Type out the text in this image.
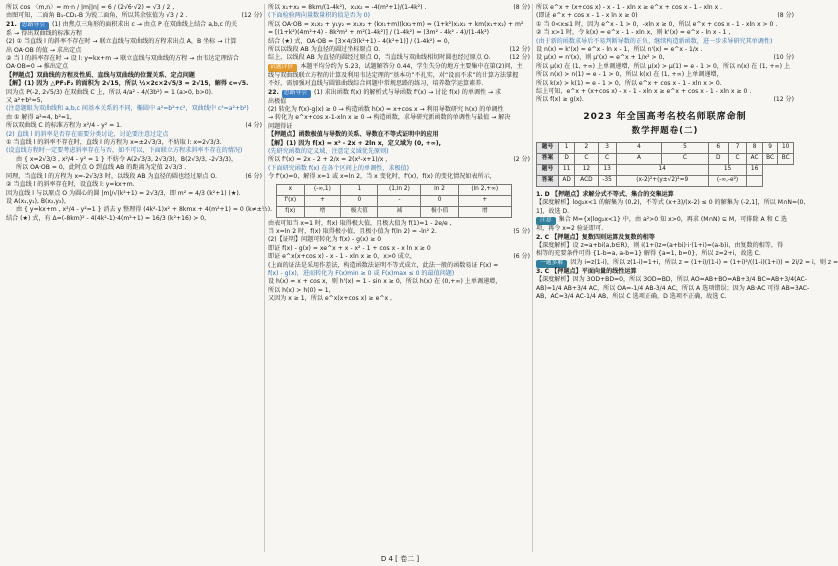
所以 cos 〈m,n〉= m·n / |m||n| = 6 / (2√6·√2) = √3 / 2 ,
(12 分)
由图可知，二面角 B₁-CD₁-B 为锐二面角，所以其余弦值为 √3 / 2 .
21. 思路导引 (1) 由焦点三角形的面积求出 c → 由点 P 在双曲线上结合 a,b,c 的关
系 → 得出双曲线的标准方程
(2) ① 当直线 l 的斜率不存在时 → 联立直线与双曲线的方程求出点 A，B 坐标 → 计算
出 OA·OB 的值 → 求出定点
② 当 l 的斜率存在时 → 设 l: y=kx+m → 联立直线与双曲线的方程 → 由韦达定理结合
OA·OB=0 → 推出定点
【押题点】双曲线的方程及性质、直线与双曲线的位置关系、定点问题
【解】(1) 因为 △PF₁F₂ 的面积为 2√15，所以 ½×2c×2√5/3 = 2√15，解得 c=√5.
因为点 P(-2, 2√5/3) 在双曲线 C 上，所以 4/a² - 4/(3b²) = 1 (a>0, b>0).
又 a²+b²=5,
(注意题眼为双曲线和 a,b,c 间基本关系的不同，椭圆中 a²=b²+c²，双曲线中 c²=a²+b²)
由 ① 解得 a²=4, b²=1,
(4 分)
所以双曲线 C 的标准方程为 x²/4 - y² = 1.
(2) 直线 l 的斜率是否存在需要分类讨论，讨论要注意过定点
① 当直线 l 的斜率不存在时，直线 l 的方程为 x=±2√3/3，不妨取 l: x=2√3/3.
(设直线方程时一定要考虑斜率存在与否，如不可以，下面联立方程求斜率不存在的情况)
由 { x=2√3/3 , x²/4 - y² = 1 } 不妨令 A(2√3/3, 2√3/3)，B(2√3/3, -2√3/3)，
所以 OA·OB = 0，此时点 O 到直线 AB 的距离为定值 2√3/3 .
(6 分)
同理，当直线 l 的方程为 x=-2√3/3 时，以线段 AB 为直径的圆也经过原点 O.
② 当直线 l 的斜率存在时，设直线 l: y=kx+m.
因为直线 l 与以原点 O 为圆心的圆 |m|/√(k²+1) = 2√3/3，即 m² = 4/3 (k²+1) (★).
设 A(x₁,y₁), B(x₂,y₂)，
由 { y=kx+m , x²/4 - y²=1 } 消去 y 整理得 (4k²-1)x² + 8kmx + 4(m²+1) = 0 (k≠±½).
结合 (★) 式，有 Δ=(-8km)² - 4(4k²-1)·4(m²+1) = 16/3 (k²+16) > 0,
(8 分)
所以 x₁+x₂ = 8km/(1-4k²)，x₁x₂ = -4(m²+1)/(1-4k²) .
(下面检验两向量数量积的值是否为 0)
所以 OA·OB = x₁x₂ + y₁y₂ = x₁x₂ + (kx₁+m)(kx₂+m) = (1+k²)x₁x₂ + km(x₁+x₂) + m²
= [(1+k²)(4m²+4) - 8k²m² + m²(1-4k²)] / (1-4k²) = (3m² - 4k² - 4)/(1-4k²)
结合 (★) 式，OA·OB = [3×4/3(k²+1) - 4(k²+1)] / (1-4k²) = 0，
(12 分)
所以以线段 AB 为直径的圆过坐标原点 O.
(12 分)
综上，以线段 AB 为直径的圆经过原点 O，当直线与双曲线相切时圆也经过原点 O.
试题评价 本题平均分约为 5.23，试题解答分 0.44，学生失分的地方主要集中在第(2)问，主
线与双曲线联立方程的计算及利用韦达定理的“基本功”不扎实，对“设而不求”的计算方法掌握
不好，需加强对直线与圆锥曲线综合问题中常规思路的练习，培养数学运算素养.
22. 思路导引 (1) 求出函数 f(x) 的解析式与导函数 f'(x) → 讨论 f(x) 的单调性 → 求
出极值
(2) 转化为 f(x)-g(x) ≥ 0 → 构造函数 h(x) = x+cos x → 利用导数研究 h(x) 的单调性
→ 转化为 e^x+cos x-1-xln x ≥ 0 → 构造函数，求导研究新函数的单调性与最值 → 解决
问题得证
【押题点】函数极值与导数的关系、导数在不等式证明中的应用
【解】(1) 因为 f(x) = x² - 2x + 2ln x，定义域为 (0, +∞),
(先研究函数的定义域，注意定义域优先原则)
(2 分)
所以 f'(x) = 2x - 2 + 2/x = 2(x²-x+1)/x ，
(下面研究函数 f(x) 在各个区间上的单调性，求极值)
令 f'(x)=0，解得 x=1 或 x=ln 2，当 x 变化时，f'(x)，f(x) 的变化情况如表所示，
x	(-∞,1)	1	(1,ln 2)	ln 2	(ln 2,+∞)
f'(x)	+	0	-	0	+
f(x)	增	极大值	减	极小值	增
由表可知当 x=1 时，f(x) 取得极大值，且极大值为 f(1)=1 - 2e/e ,
(5 分)
当 x=ln 2 时，f(x) 取得极小值，且极小值为 f(ln 2) = -ln² 2.
(2)【证明】问题可转化为 f(x) - g(x) ≥ 0
即证 f(x) - g(x) = xe^x + x - x² - 1 + cos x - x ln x ≥ 0
(6 分)
即证 e^x(x+cos x) - x - 1 - xln x ≥ 0，x>0 成立，
(上面的证法是采用作差法，构造函数法证明不等式成立，此法一般的函数易证 F(x) =
f(x) - g(x)，进而转化为 F(x)min ≥ 0 或 F(x)max ≤ 0 的最值问题)
设 h(x) = x + cos x，则 h'(x) = 1 - sin x ≥ 0，所以 h(x) 在 (0,+∞) 上单调递增，
所以 h(x) > h(0) = 1，
又因为 x ≥ 1，所以 e^x(x+cos x) ≥ e^x ,
所以 e^x + (x+cos x) - x - 1 - xln x ≥ e^x + cos x - 1 - xln x .
(8 分)
(即证 e^x + cos x - 1 - x ln x ≥ 0)
① 当 0<x≤1 时，因为 e^x - 1 > 0，-xln x ≥ 0，所以 e^x + cos x - 1 - xln x > 0 .
② 当 x>1 时，令 k(x) = e^x - 1 - xln x，则 k'(x) = e^x - ln x - 1 ,
(由于新的函数求导后不易判断导数的正负，继续构造新函数，进一步求导研究其单调性)
设 n(x) = k'(x) = e^x - ln x - 1，所以 n'(x) = e^x - 1/x .
(10 分)
设 μ(x) = n'(x)，则 μ'(x) = e^x + 1/x² > 0,
所以 μ(x) 在 (1, +∞) 上单调递增，所以 μ(x) > μ(1) = e - 1 > 0，所以 n(x) 在 (1, +∞) 上
所以 n(x) > n(1) = e - 1 > 0，所以 k(x) 在 (1, +∞) 上单调递增，
所以 k(x) > k(1) = e - 1 > 0，所以 e^x + cos x - 1 - xln x > 0.
综上可知，e^x + (x+cos x) - x - 1 - xln x ≥ e^x + cos x - 1 - xln x ≥ 0 .
(12 分)
所以 f(x) ≥ g(x).
2023 年全国高考名校名师联席命制
数学押题卷(二)
题号	1	2	3	4	5	6	7	8	9	10
答案	D	C	C	A	C	D	C	AC	BC	BC
题号	11	12	13	14		15		16		
答案	AD	ACD	-35	(x-2)²+(y±√2)²=9		(-∞,-e²)				
1. D 【押题点】求解分式不等式、集合的交集运算
【深度解析】log₂x<1 的解集为 (0,2)，不等式 (x+3)/(x-2) ≤ 0 的解集为 (-2,1]，所以 M∩N=(0,
1]，故选 D.
注意 集合 M={x|log₂x<1} 中，由 a²>0 知 x>0，再求 (M∩N) ⊆ M，可排除 A 和 C 选
项，再令 x=2 验证即可.
2. C 【押题点】复数四则运算及复数的相等
【深度解析】设 z=a+bi(a,b∈R)，则 i(1+i)z=(a+bi)·i·(1+i)=(a-b)i，由复数的相等，得
相等的充要条件可得 {1-b=a, a-b=1} 解得 {a=1, b=0}，所以 z=2+i，故选 C.
一题多解 因为 i=z(1-i)，所以 z(1-i)=1+i，所以 z = (1+i)/(1-i) = (1+i)²/((1-i)(1+i)) = 2i/2 = i，则 z =
3. C 【押题点】平面向量的线性运算
【深度解析】因为 3OD+BD=0，所以 3OD=BD，所以 AO=AB+BO=AB+3/4 BC=AB+3/4(AC-
AB)=1/4 AB+3/4 AC，所以 OA=-1/4 AB-3/4 AC，所以 A 选项错误；因为 AB·AC 可得 AB=3AC-
AB，AC=3/4 AC-1/4 AB，所以 C 选项正确，D 选项不正确，故选 C.
D 4 [ 卷二 ]
